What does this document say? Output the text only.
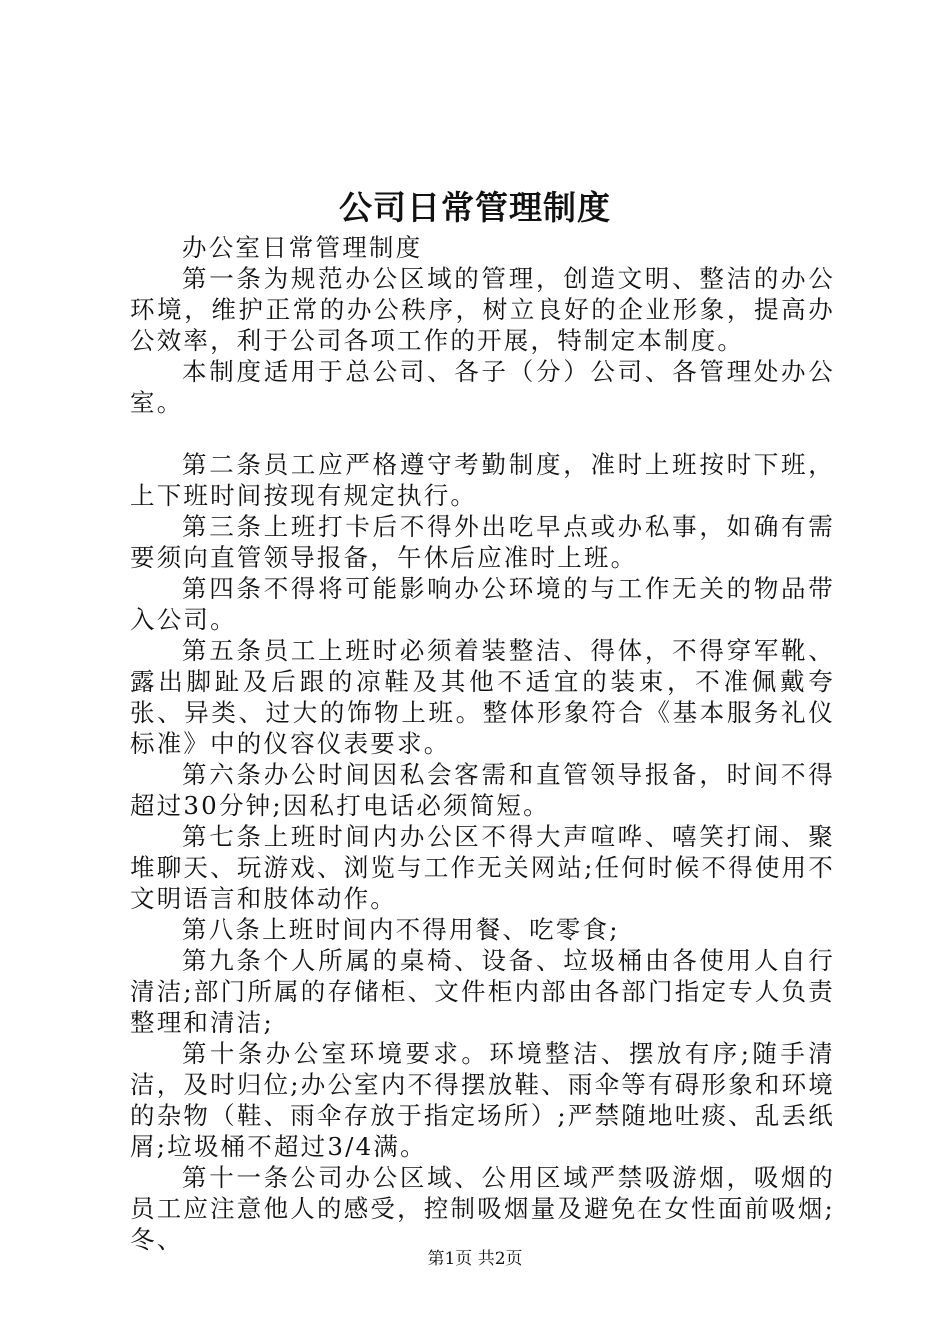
公司日常管理制度

办公室日常管理制度

第一条为规范办公区域的管理，创造文明、整洁的办公环境，维护正常的办公秩序，树立良好的企业形象，提高办公效率，利于公司各项工作的开展，特制定本制度。

本制度适用于总公司、各子（分）公司、各管理处办公室。

第二条员工应严格遵守考勤制度，准时上班按时下班，上下班时间按现有规定执行。

第三条上班打卡后不得外出吃早点或办私事，如确有需要须向直管领导报备，午休后应准时上班。

第四条不得将可能影响办公环境的与工作无关的物品带入公司。

第五条员工上班时必须着装整洁、得体，不得穿军靴、露出脚趾及后跟的凉鞋及其他不适宜的装束，不准佩戴夸张、异类、过大的饰物上班。整体形象符合《基本服务礼仪标准》中的仪容仪表要求。

第六条办公时间因私会客需和直管领导报备，时间不得超过30分钟;因私打电话必须简短。

第七条上班时间内办公区不得大声喧哗、嘻笑打闹、聚堆聊天、玩游戏、浏览与工作无关网站;任何时候不得使用不文明语言和肢体动作。

第八条上班时间内不得用餐、吃零食;

第九条个人所属的桌椅、设备、垃圾桶由各使用人自行清洁;部门所属的存储柜、文件柜内部由各部门指定专人负责整理和清洁;

第十条办公室环境要求。环境整洁、摆放有序;随手清洁，及时归位;办公室内不得摆放鞋、雨伞等有碍形象和环境的杂物（鞋、雨伞存放于指定场所）;严禁随地吐痰、乱丢纸屑;垃圾桶不超过3/4满。

第十一条公司办公区域、公用区域严禁吸游烟，吸烟的员工应注意他人的感受，控制吸烟量及避免在女性面前吸烟;冬、

第1页 共2页
